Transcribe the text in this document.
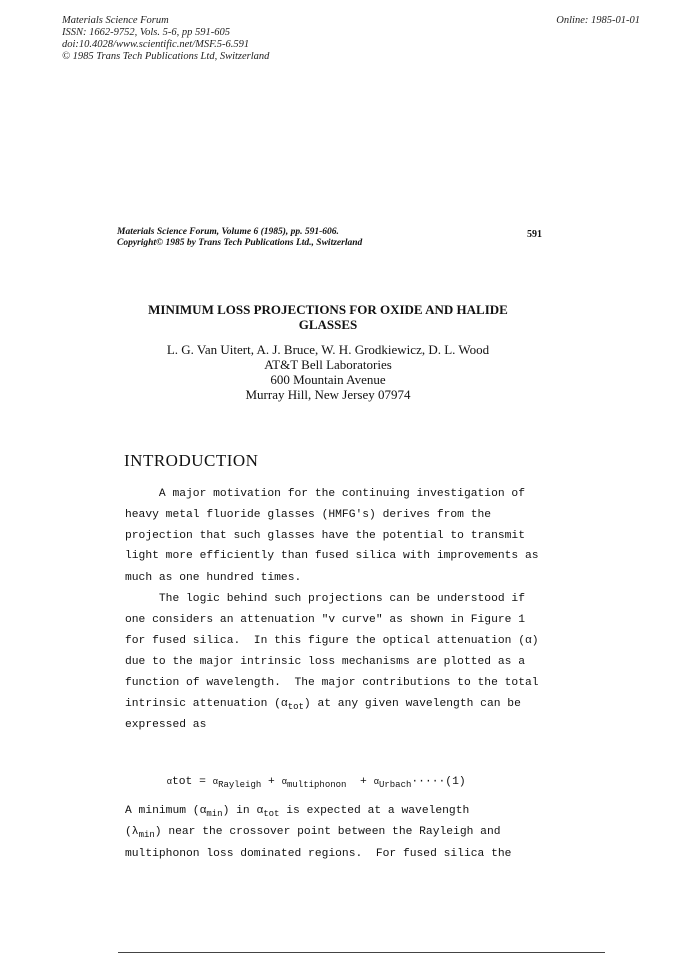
Materials Science Forum
ISSN: 1662-9752, Vols. 5-6, pp 591-605
doi:10.4028/www.scientific.net/MSF.5-6.591
© 1985 Trans Tech Publications Ltd, Switzerland
Online: 1985-01-01
Materials Science Forum, Volume 6 (1985), pp. 591-606.
Copyright© 1985 by Trans Tech Publications Ltd., Switzerland
591
MINIMUM LOSS PROJECTIONS FOR OXIDE AND HALIDE
GLASSES
L. G. Van Uitert, A. J. Bruce, W. H. Grodkiewicz, D. L. Wood
AT&T Bell Laboratories
600 Mountain Avenue
Murray Hill, New Jersey 07974
INTRODUCTION
A major motivation for the continuing investigation of
heavy metal fluoride glasses (HMFG's) derives from the
projection that such glasses have the potential to transmit
light more efficiently than fused silica with improvements as
much as one hundred times.
The logic behind such projections can be understood if
one considers an attenuation "v curve" as shown in Figure 1
for fused silica.  In this figure the optical attenuation (α)
due to the major intrinsic loss mechanisms are plotted as a
function of wavelength.  The major contributions to the total
intrinsic attenuation $(\alpha_{tot})$ at any given wavelength can be
expressed as

$\alpha tot = \alpha_{Rayleigh} + \alpha_{multiphonon} + \alpha_{Urbach}\cdot\cdot\cdot\cdot\cdot(1)$

A minimum $(\alpha_{min})$ in $\alpha_{tot}$ is expected at a wavelength
$(\lambda_{min})$ near the crossover point between the Rayleigh and
multiphonon loss dominated regions.  For fused silica the
